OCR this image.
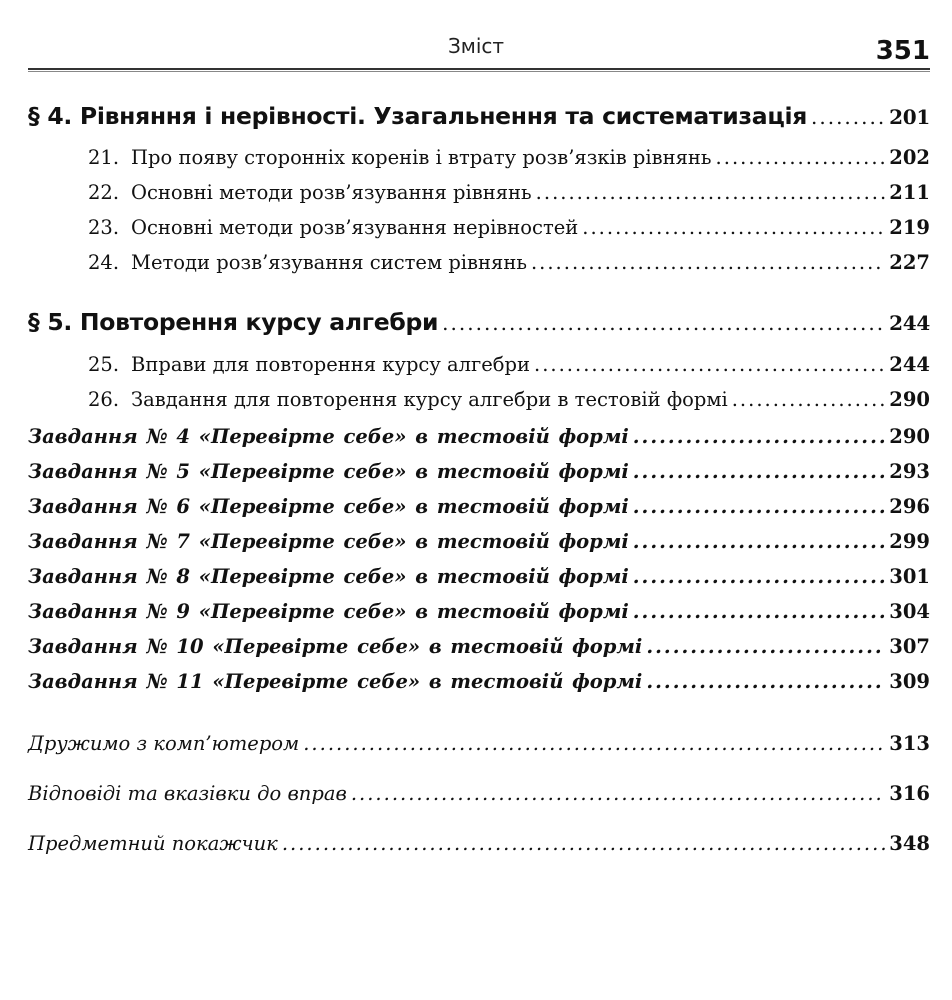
Зміст	351
§ 4. Рівняння і нерівності. Узагальнення та систематизація .....	201
21. Про появу сторонніх коренів і втрату розв’язків рівнянь .....	202
22. Основні методи розв’язування рівнянь .....	211
23. Основні методи розв’язування нерівностей .....	219
24. Методи розв’язування систем рівнянь .....	227
§ 5. Повторення курсу алгебри .....	244
25. Вправи для повторення курсу алгебри .....	244
26. Завдання для повторення курсу алгебри в тестовій формі .....	290
Завдання № 4 «Перевірте себе» в тестовій формі .....	290
Завдання № 5 «Перевірте себе» в тестовій формі .....	293
Завдання № 6 «Перевірте себе» в тестовій формі .....	296
Завдання № 7 «Перевірте себе» в тестовій формі .....	299
Завдання № 8 «Перевірте себе» в тестовій формі .....	301
Завдання № 9 «Перевірте себе» в тестовій формі .....	304
Завдання № 10 «Перевірте себе» в тестовій формі .....	307
Завдання № 11 «Перевірте себе» в тестовій формі .....	309
Дружимо з комп’ютером .....	313
Відповіді та вказівки до вправ .....	316
Предметний покажчик .....	348
